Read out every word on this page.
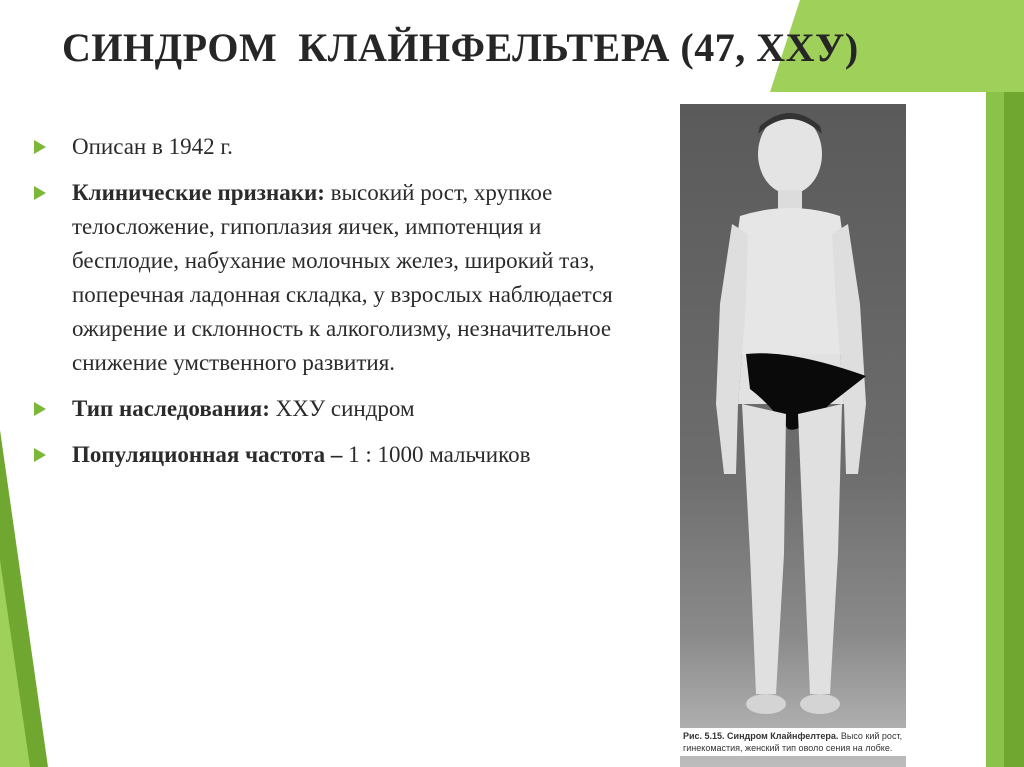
СИНДРОМ  КЛАЙНФЕЛЬТЕРА (47, ХХУ)
Описан в 1942 г.
Клинические признаки: высокий рост, хрупкое телосложение, гипоплазия яичек, импотенция и бесплодие, набухание молочных желез, широкий таз, поперечная ладонная складка, у взрослых наблюдается ожирение и склонность к алкоголизму, незначительное снижение умственного развития.
Тип наследования: ХХУ синдром
Популяционная частота – 1 : 1000 мальчиков
Рис. 5.15. Синдром Клайнфелтера. Высо кий рост, гинекомастия, женский тип оволо сения на лобке.
